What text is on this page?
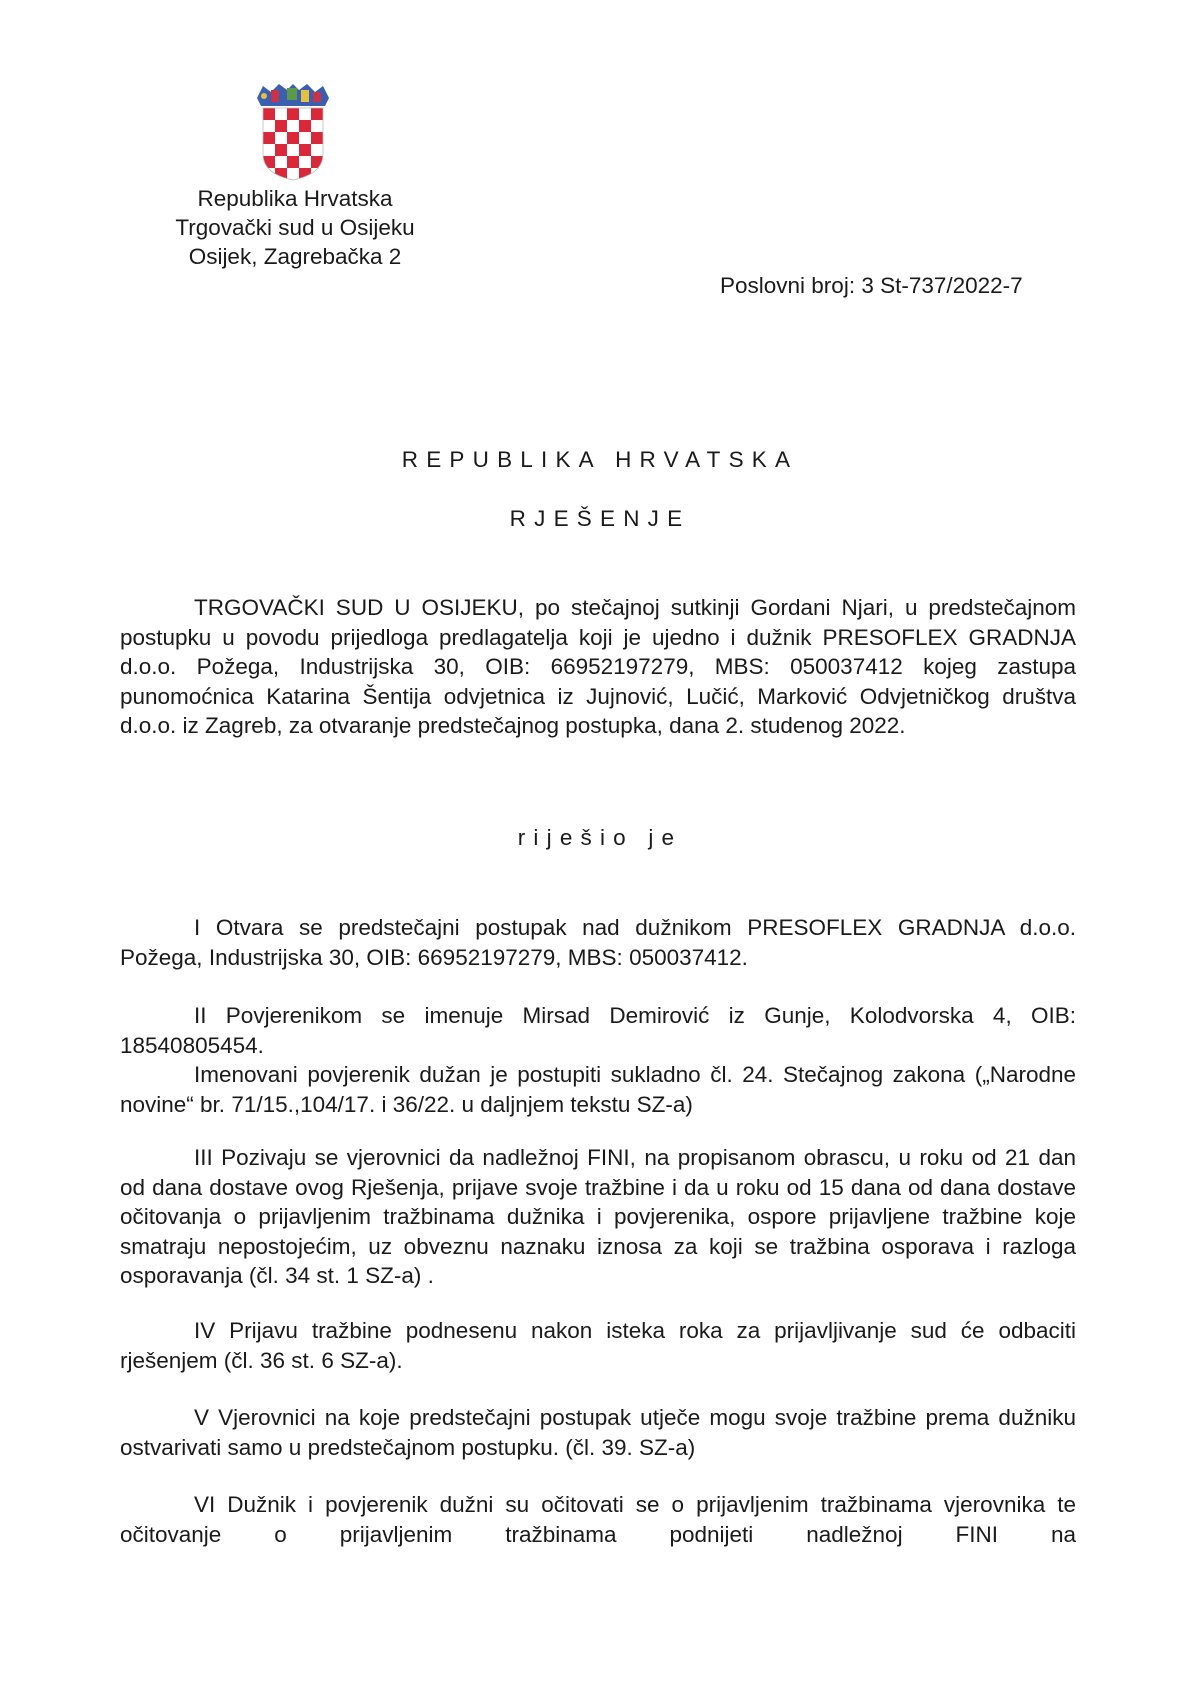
Republika Hrvatska
Trgovački sud u Osijeku
Osijek, Zagrebačka 2
Poslovni broj: 3 St-737/2022-7
REPUBLIKA HRVATSKA
RJEŠENJE
TRGOVAČKI SUD U OSIJEKU, po stečajnoj sutkinji Gordani Njari, u predstečajnom postupku u povodu prijedloga predlagatelja koji je ujedno i dužnik PRESOFLEX GRADNJA d.o.o. Požega, Industrijska 30, OIB: 66952197279, MBS: 050037412 kojeg zastupa punomoćnica Katarina Šentija odvjetnica iz Jujnović, Lučić, Marković Odvjetničkog društva d.o.o. iz Zagreb, za otvaranje predstečajnog postupka, dana 2. studenog 2022.
riješio je
I Otvara se predstečajni postupak nad dužnikom PRESOFLEX GRADNJA d.o.o. Požega, Industrijska 30, OIB: 66952197279, MBS: 050037412.
II Povjerenikom se imenuje Mirsad Demirović iz Gunje, Kolodvorska 4, OIB: 18540805454.
Imenovani povjerenik dužan je postupiti sukladno čl. 24. Stečajnog zakona („Narodne novine“ br. 71/15.,104/17. i 36/22. u daljnjem tekstu SZ-a)
III Pozivaju se vjerovnici da nadležnoj FINI, na propisanom obrascu, u roku od 21 dan od dana dostave ovog Rješenja, prijave svoje tražbine i da u roku od 15 dana od dana dostave očitovanja o prijavljenim tražbinama dužnika i povjerenika, ospore prijavljene tražbine koje smatraju nepostojećim, uz obveznu naznaku iznosa za koji se tražbina osporava i razloga osporavanja (čl. 34 st. 1 SZ-a) .
IV Prijavu tražbine podnesenu nakon isteka roka za prijavljivanje sud će odbaciti rješenjem (čl. 36 st. 6 SZ-a).
V Vjerovnici na koje predstečajni postupak utječe mogu svoje tražbine prema dužniku ostvarivati samo u predstečajnom postupku. (čl. 39. SZ-a)
VI Dužnik i povjerenik dužni su očitovati se o prijavljenim tražbinama vjerovnika te očitovanje o prijavljenim tražbinama podnijeti nadležnoj FINI na
